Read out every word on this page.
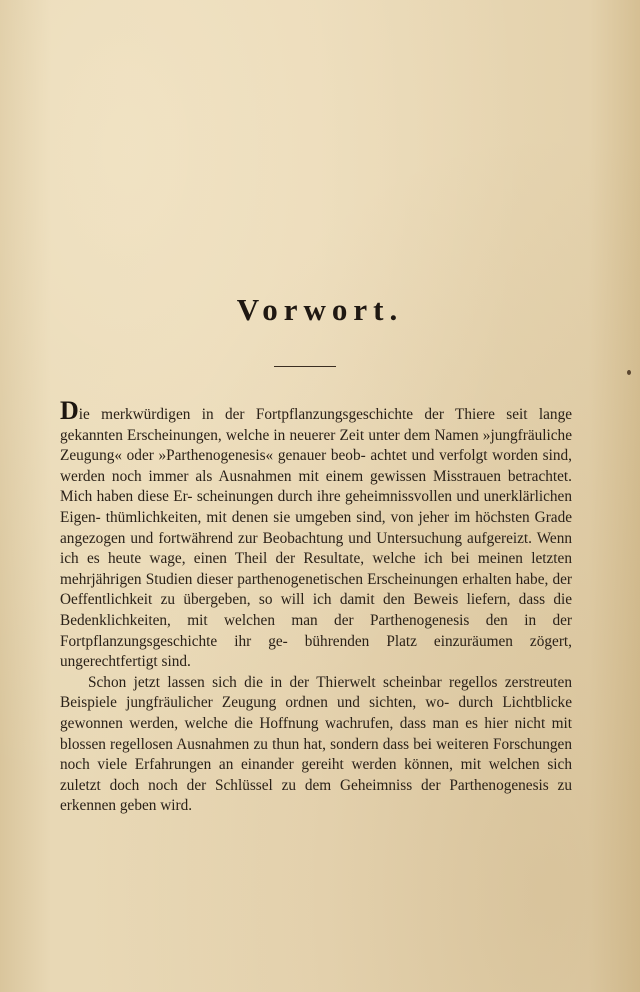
Vorwort.

Die merkwürdigen in der Fortpflanzungsgeschichte der Thiere seit lange gekannten Erscheinungen, welche in neuerer Zeit unter dem Namen »jungfräuliche Zeugung« oder »Parthenogenesis« genauer beob- achtet und verfolgt worden sind, werden noch immer als Ausnahmen mit einem gewissen Misstrauen betrachtet. Mich haben diese Er- scheinungen durch ihre geheimnissvollen und unerklärlichen Eigen- thümlichkeiten, mit denen sie umgeben sind, von jeher im höchsten Grade angezogen und fortwährend zur Beobachtung und Untersuchung aufgereizt. Wenn ich es heute wage, einen Theil der Resultate, welche ich bei meinen letzten mehrjährigen Studien dieser parthenogenetischen Erscheinungen erhalten habe, der Oeffentlichkeit zu übergeben, so will ich damit den Beweis liefern, dass die Bedenklichkeiten, mit welchen man der Parthenogenesis den in der Fortpflanzungsgeschichte ihr ge- bührenden Platz einzuräumen zögert, ungerechtfertigt sind.

Schon jetzt lassen sich die in der Thierwelt scheinbar regellos zerstreuten Beispiele jungfräulicher Zeugung ordnen und sichten, wo- durch Lichtblicke gewonnen werden, welche die Hoffnung wachrufen, dass man es hier nicht mit blossen regellosen Ausnahmen zu thun hat, sondern dass bei weiteren Forschungen noch viele Erfahrungen an einander gereiht werden können, mit welchen sich zuletzt doch noch der Schlüssel zu dem Geheimniss der Parthenogenesis zu erkennen geben wird.
